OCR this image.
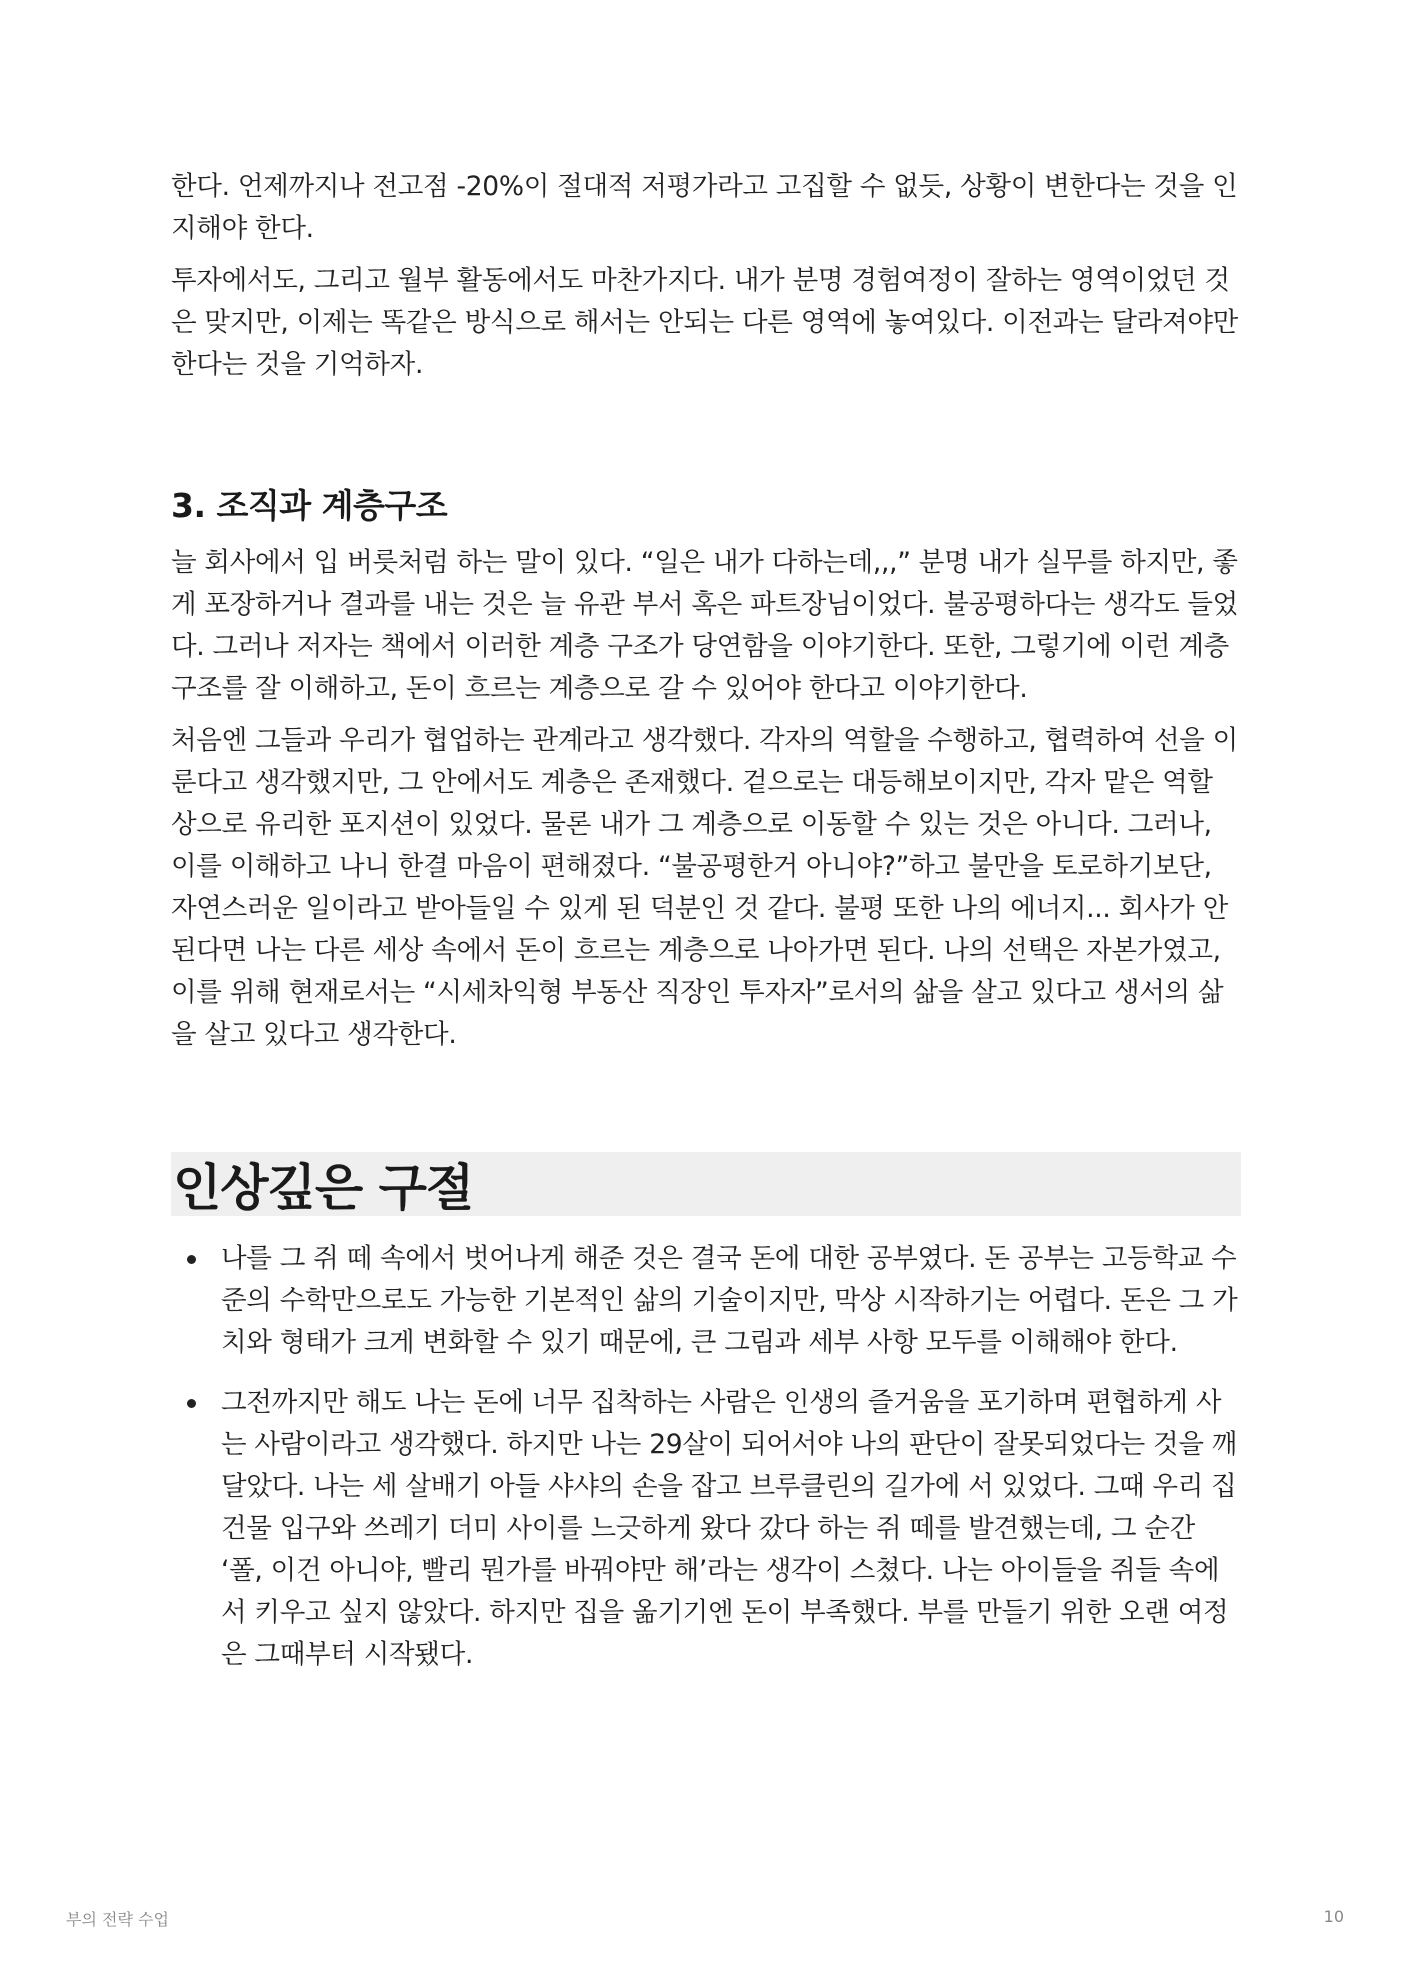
한다. 언제까지나 전고점 -20%이 절대적 저평가라고 고집할 수 없듯, 상황이 변한다는 것을 인지해야 한다.

투자에서도, 그리고 월부 활동에서도 마찬가지다. 내가 분명 경험여정이 잘하는 영역이었던 것은 맞지만, 이제는 똑같은 방식으로 해서는 안되는 다른 영역에 놓여있다. 이전과는 달라져야만 한다는 것을 기억하자.

3. 조직과 계층구조

늘 회사에서 입 버릇처럼 하는 말이 있다. “일은 내가 다하는데,,,” 분명 내가 실무를 하지만, 좋게 포장하거나 결과를 내는 것은 늘 유관 부서 혹은 파트장님이었다. 불공평하다는 생각도 들었다. 그러나 저자는 책에서 이러한 계층 구조가 당연함을 이야기한다. 또한, 그렇기에 이런 계층 구조를 잘 이해하고, 돈이 흐르는 계층으로 갈 수 있어야 한다고 이야기한다.

처음엔 그들과 우리가 협업하는 관계라고 생각했다. 각자의 역할을 수행하고, 협력하여 선을 이룬다고 생각했지만, 그 안에서도 계층은 존재했다. 겉으로는 대등해보이지만, 각자 맡은 역할 상으로 유리한 포지션이 있었다. 물론 내가 그 계층으로 이동할 수 있는 것은 아니다. 그러나, 이를 이해하고 나니 한결 마음이 편해졌다. “불공평한거 아니야?”하고 불만을 토로하기보단, 자연스러운 일이라고 받아들일 수 있게 된 덕분인 것 같다. 불평 또한 나의 에너지... 회사가 안된다면 나는 다른 세상 속에서 돈이 흐르는 계층으로 나아가면 된다. 나의 선택은 자본가였고, 이를 위해 현재로서는 “시세차익형 부동산 직장인 투자자”로서의 삶을 살고 있다고 생서의 삶을 살고 있다고 생각한다.

인상깊은 구절
나를 그 쥐 떼 속에서 벗어나게 해준 것은 결국 돈에 대한 공부였다. 돈 공부는 고등학교 수준의 수학만으로도 가능한 기본적인 삶의 기술이지만, 막상 시작하기는 어렵다. 돈은 그 가치와 형태가 크게 변화할 수 있기 때문에, 큰 그림과 세부 사항 모두를 이해해야 한다.
그전까지만 해도 나는 돈에 너무 집착하는 사람은 인생의 즐거움을 포기하며 편협하게 사는 사람이라고 생각했다. 하지만 나는 29살이 되어서야 나의 판단이 잘못되었다는 것을 깨달았다. 나는 세 살배기 아들 샤샤의 손을 잡고 브루클린의 길가에 서 있었다. 그때 우리 집 건물 입구와 쓰레기 더미 사이를 느긋하게 왔다 갔다 하는 쥐 떼를 발견했는데, 그 순간 ‘폴, 이건 아니야, 빨리 뭔가를 바꿔야만 해’라는 생각이 스쳤다. 나는 아이들을 쥐들 속에서 키우고 싶지 않았다. 하지만 집을 옮기기엔 돈이 부족했다. 부를 만들기 위한 오랜 여정은 그때부터 시작됐다.
부의 전략 수업	10
